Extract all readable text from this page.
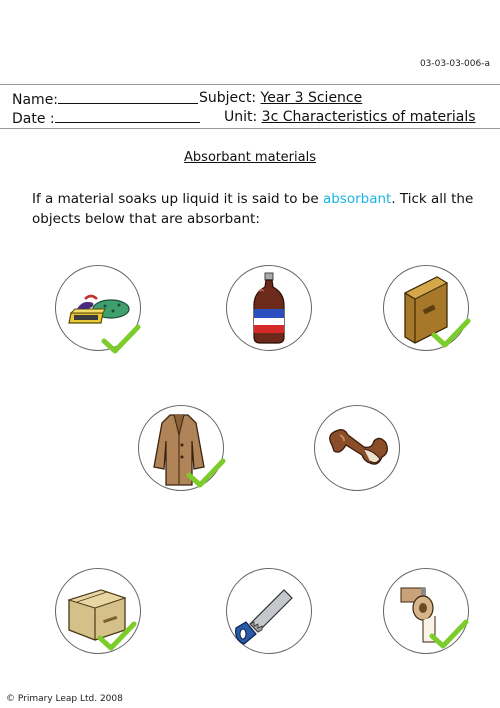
03-03-03-006-a
Name:	Subject: Year 3 Science
Date :	Unit: 3c Characteristics of materials
Absorbant materials
If a material soaks up liquid it is said to be absorbant. Tick all the objects below that are absorbant:
© Primary Leap Ltd. 2008
